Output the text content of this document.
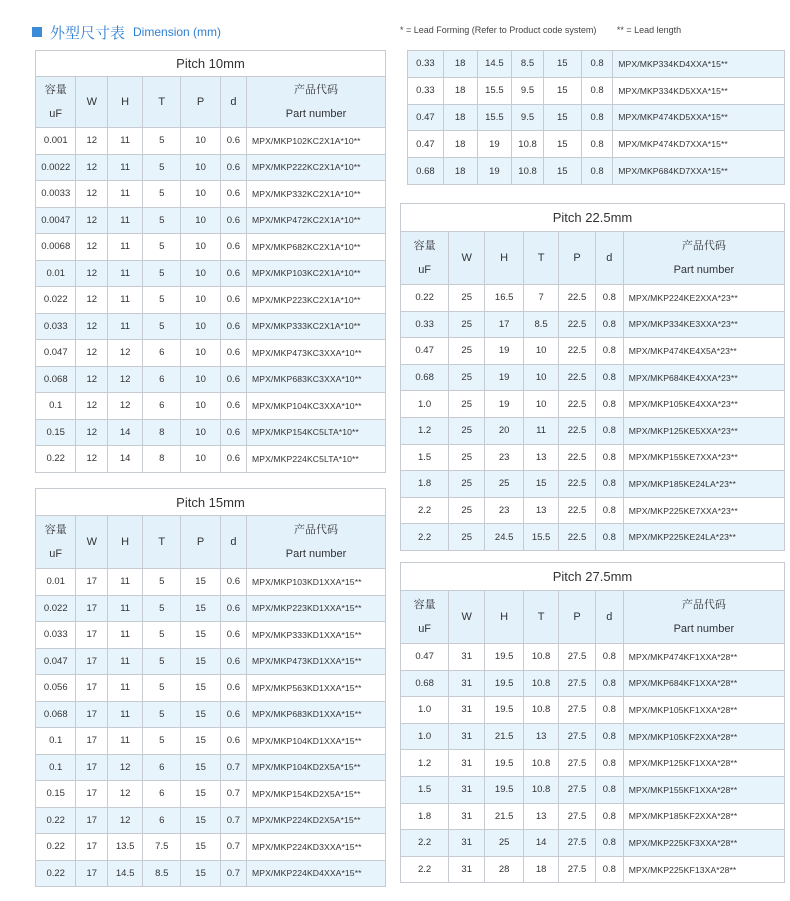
外型尺寸表 Dimension (mm)	* = Lead Forming (Refer to Product code system) ** = Lead length
Pitch 10mm						

容量
uF	W	H	T	P	d	产品代码
Part number

0.001	12	11	5	10	0.6	MPX/MKP102KC2X1A*10**
0.0022	12	11	5	10	0.6	MPX/MKP222KC2X1A*10**
0.0033	12	11	5	10	0.6	MPX/MKP332KC2X1A*10**
0.0047	12	11	5	10	0.6	MPX/MKP472KC2X1A*10**
0.0068	12	11	5	10	0.6	MPX/MKP682KC2X1A*10**
0.01	12	11	5	10	0.6	MPX/MKP103KC2X1A*10**
0.022	12	11	5	10	0.6	MPX/MKP223KC2X1A*10**
0.033	12	11	5	10	0.6	MPX/MKP333KC2X1A*10**
0.047	12	12	6	10	0.6	MPX/MKP473KC3XXA*10**
0.068	12	12	6	10	0.6	MPX/MKP683KC3XXA*10**
0.1	12	12	6	10	0.6	MPX/MKP104KC3XXA*10**
0.15	12	14	8	10	0.6	MPX/MKP154KC5LTA*10**
0.22	12	14	8	10	0.6	MPX/MKP224KC5LTA*10**
Pitch 15mm						

容量
uF	W	H	T	P	d	产品代码
Part number

0.01	17	11	5	15	0.6	MPX/MKP103KD1XXA*15**
0.022	17	11	5	15	0.6	MPX/MKP223KD1XXA*15**
0.033	17	11	5	15	0.6	MPX/MKP333KD1XXA*15**
0.047	17	11	5	15	0.6	MPX/MKP473KD1XXA*15**
0.056	17	11	5	15	0.6	MPX/MKP563KD1XXA*15**
0.068	17	11	5	15	0.6	MPX/MKP683KD1XXA*15**
0.1	17	11	5	15	0.6	MPX/MKP104KD1XXA*15**
0.1	17	12	6	15	0.7	MPX/MKP104KD2X5A*15**
0.15	17	12	6	15	0.7	MPX/MKP154KD2X5A*15**
0.22	17	12	6	15	0.7	MPX/MKP224KD2X5A*15**
0.22	17	13.5	7.5	15	0.7	MPX/MKP224KD3XXA*15**
0.22	17	14.5	8.5	15	0.7	MPX/MKP224KD4XXA*15**
0.33	18	14.5	8.5	15	0.8	MPX/MKP334KD4XXA*15**
0.33	18	15.5	9.5	15	0.8	MPX/MKP334KD5XXA*15**
0.47	18	15.5	9.5	15	0.8	MPX/MKP474KD5XXA*15**
0.47	18	19	10.8	15	0.8	MPX/MKP474KD7XXA*15**
0.68	18	19	10.8	15	0.8	MPX/MKP684KD7XXA*15**
Pitch 22.5mm						

容量
uF	W	H	T	P	d	产品代码
Part number

0.22	25	16.5	7	22.5	0.8	MPX/MKP224KE2XXA*23**
0.33	25	17	8.5	22.5	0.8	MPX/MKP334KE3XXA*23**
0.47	25	19	10	22.5	0.8	MPX/MKP474KE4X5A*23**
0.68	25	19	10	22.5	0.8	MPX/MKP684KE4XXA*23**
1.0	25	19	10	22.5	0.8	MPX/MKP105KE4XXA*23**
1.2	25	20	11	22.5	0.8	MPX/MKP125KE5XXA*23**
1.5	25	23	13	22.5	0.8	MPX/MKP155KE7XXA*23**
1.8	25	25	15	22.5	0.8	MPX/MKP185KE24LA*23**
2.2	25	23	13	22.5	0.8	MPX/MKP225KE7XXA*23**
2.2	25	24.5	15.5	22.5	0.8	MPX/MKP225KE24LA*23**
Pitch 27.5mm						

容量
uF	W	H	T	P	d	产品代码
Part number

0.47	31	19.5	10.8	27.5	0.8	MPX/MKP474KF1XXA*28**
0.68	31	19.5	10.8	27.5	0.8	MPX/MKP684KF1XXA*28**
1.0	31	19.5	10.8	27.5	0.8	MPX/MKP105KF1XXA*28**
1.0	31	21.5	13	27.5	0.8	MPX/MKP105KF2XXA*28**
1.2	31	19.5	10.8	27.5	0.8	MPX/MKP125KF1XXA*28**
1.5	31	19.5	10.8	27.5	0.8	MPX/MKP155KF1XXA*28**
1.8	31	21.5	13	27.5	0.8	MPX/MKP185KF2XXA*28**
2.2	31	25	14	27.5	0.8	MPX/MKP225KF3XXA*28**
2.2	31	28	18	27.5	0.8	MPX/MKP225KF13XA*28**
